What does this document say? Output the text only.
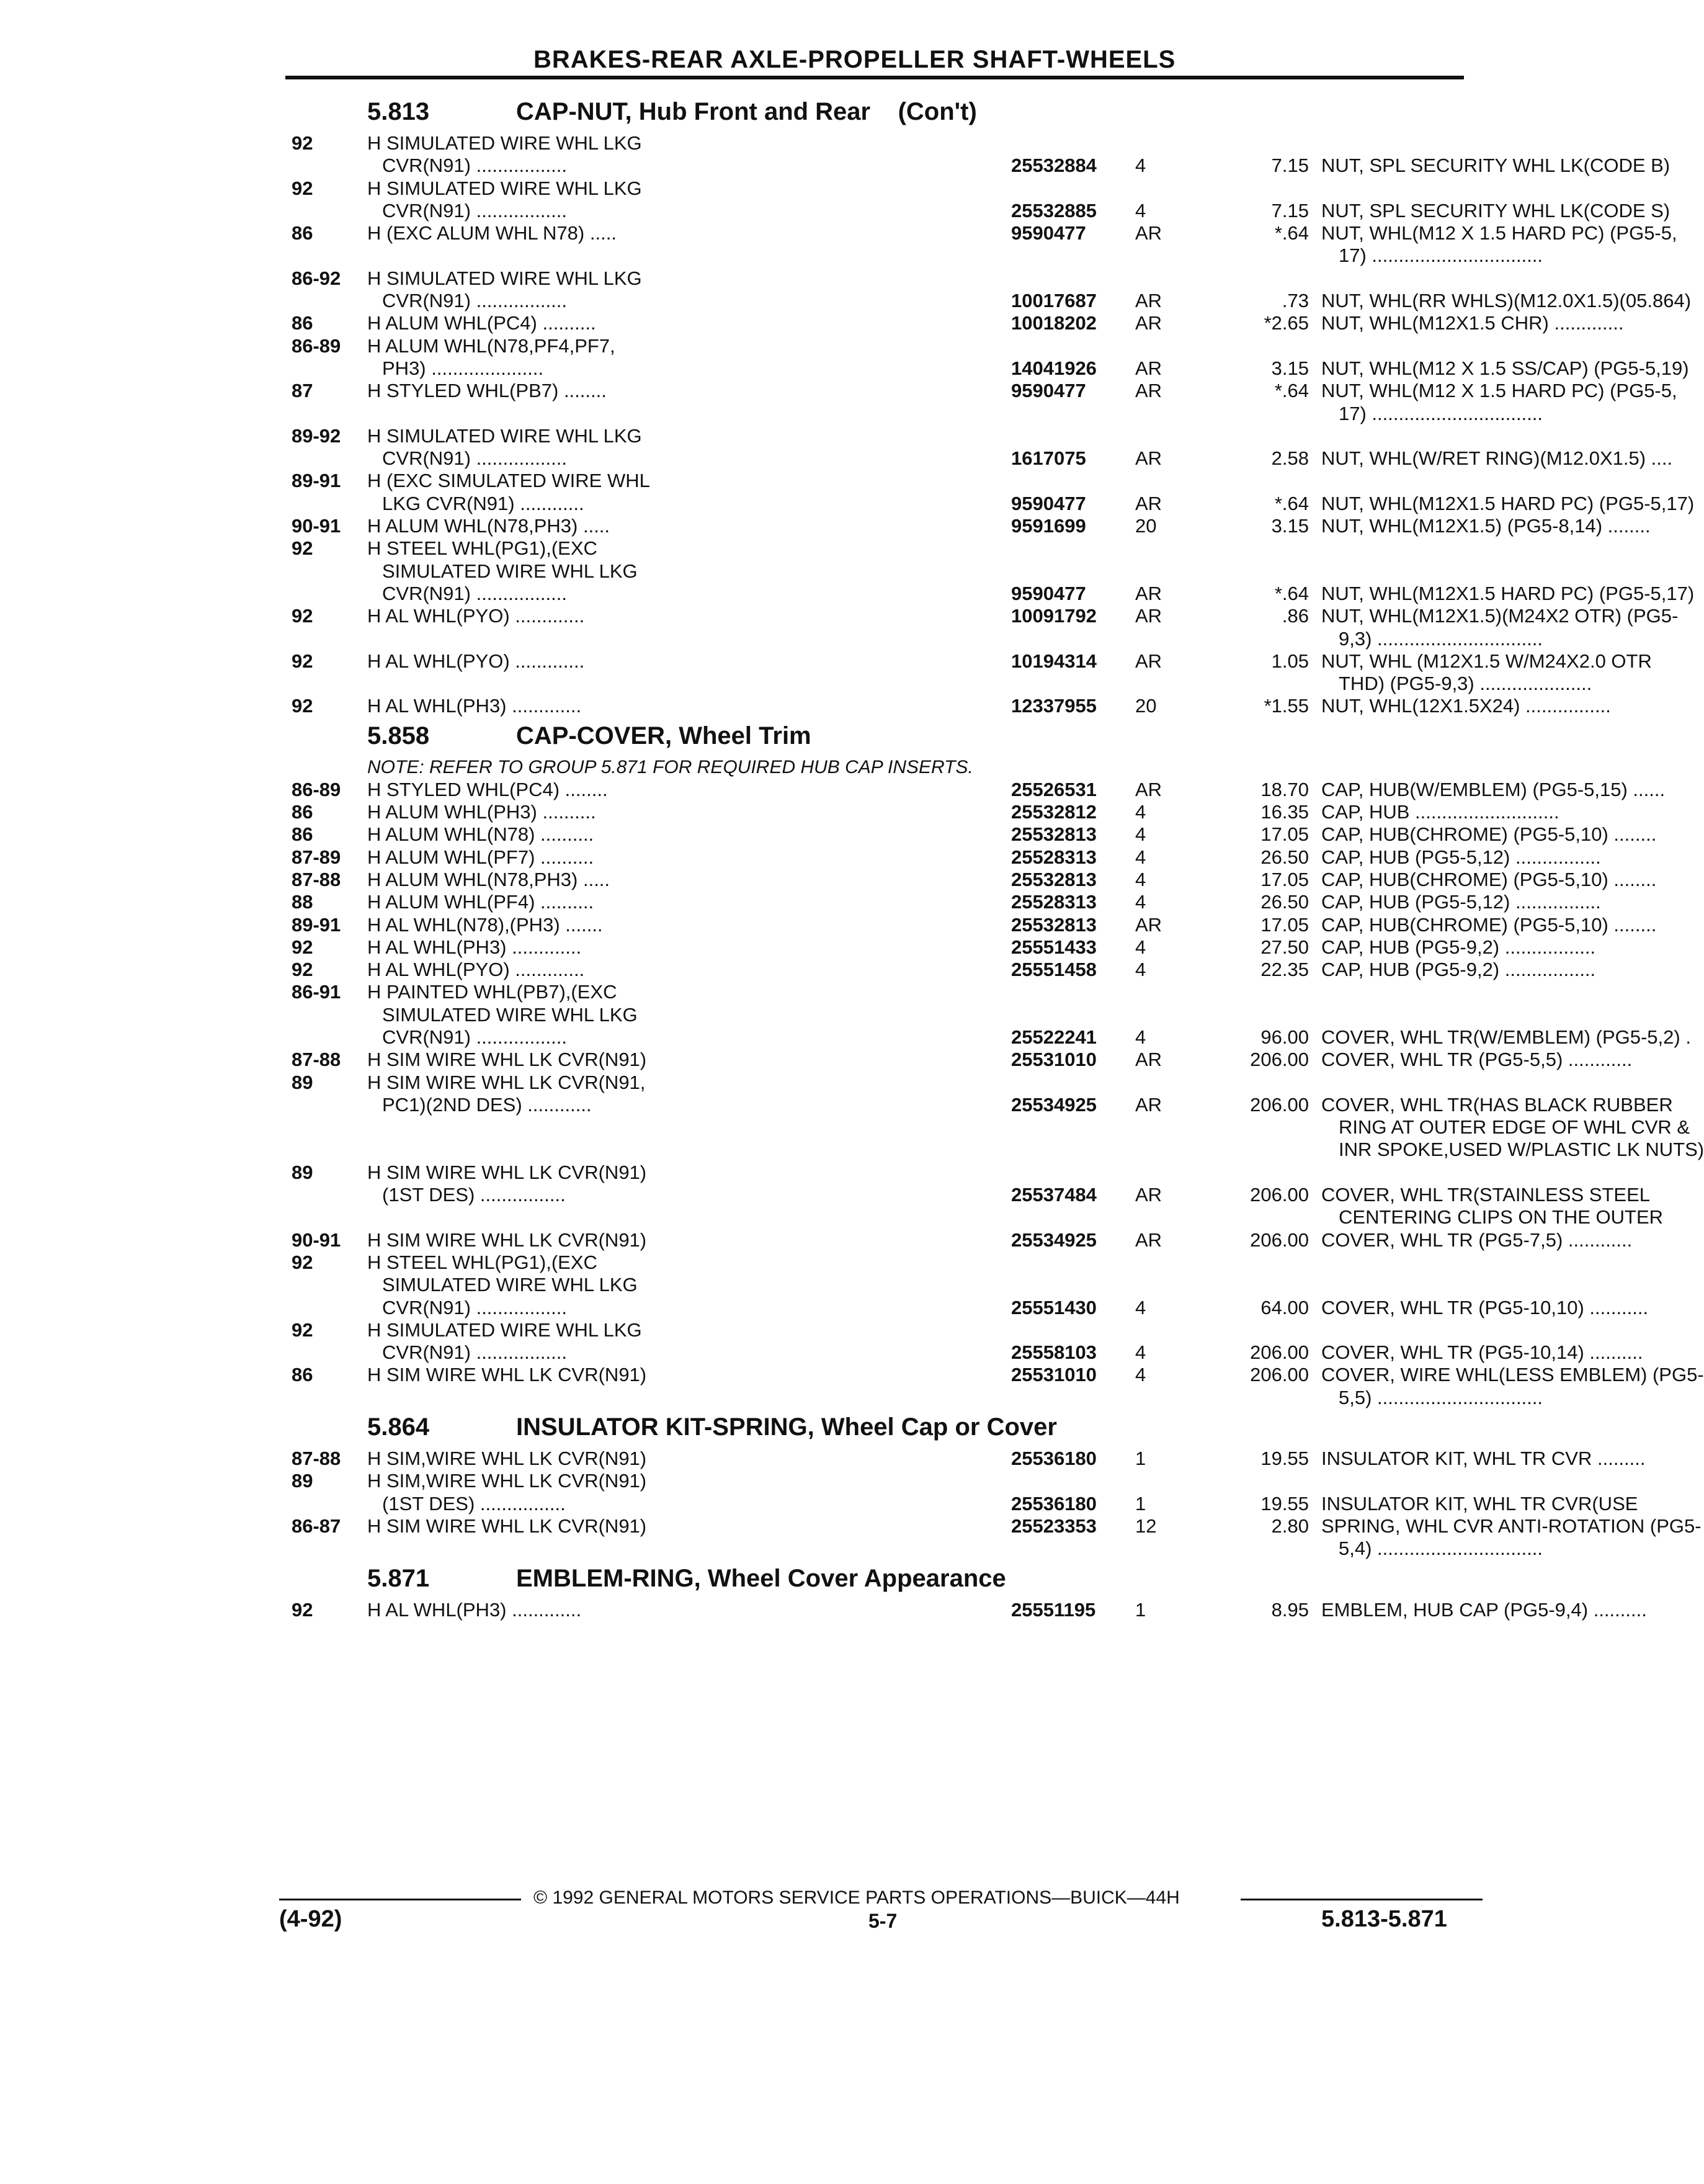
BRAKES-REAR AXLE-PROPELLER SHAFT-WHEELS
5.813	CAP-NUT, Hub Front and Rear    (Con't)
92	H SIMULATED WIRE WHL LKG
CVR(N91) .................	25532884 4	7.15 NUT, SPL SECURITY WHL LK(CODE B)
92	H SIMULATED WIRE WHL LKG
CVR(N91) .................	25532885 4	7.15 NUT, SPL SECURITY WHL LK(CODE S)
86	H (EXC ALUM WHL N78) .....	9590477	AR	*.64 NUT, WHL(M12 X 1.5 HARD PC) (PG5-5,
17) ................................
86-92 H SIMULATED WIRE WHL LKG
CVR(N91) .................	10017687 AR	.73 NUT, WHL(RR WHLS)(M12.0X1.5)(05.864)
86	H ALUM WHL(PC4) ..........	10018202 AR	*2.65 NUT, WHL(M12X1.5 CHR) .............
86-89 H ALUM WHL(N78,PF4,PF7,
PH3) .....................	14041926 AR	3.15 NUT, WHL(M12 X 1.5 SS/CAP) (PG5-5,19)
87	H STYLED WHL(PB7) ........	9590477	AR	*.64 NUT, WHL(M12 X 1.5 HARD PC) (PG5-5,
17) ................................
89-92 H SIMULATED WIRE WHL LKG
CVR(N91) .................	1617075	AR	2.58 NUT, WHL(W/RET RING)(M12.0X1.5) ....
89-91 H (EXC SIMULATED WIRE WHL
LKG CVR(N91) ............	9590477	AR	*.64 NUT, WHL(M12X1.5 HARD PC) (PG5-5,17)
90-91 H ALUM WHL(N78,PH3) .....	9591699	20	3.15 NUT, WHL(M12X1.5) (PG5-8,14) ........
92	H STEEL WHL(PG1),(EXC
SIMULATED WIRE WHL LKG
CVR(N91) .................	9590477	AR	*.64 NUT, WHL(M12X1.5 HARD PC) (PG5-5,17)
92	H AL WHL(PYO) .............	10091792 AR	.86 NUT, WHL(M12X1.5)(M24X2 OTR) (PG5-
9,3) ...............................
92	H AL WHL(PYO) .............	10194314 AR	1.05 NUT, WHL (M12X1.5 W/M24X2.0 OTR
THD) (PG5-9,3) .....................
92	H AL WHL(PH3) .............	12337955 20	*1.55 NUT, WHL(12X1.5X24) ................
5.858	CAP-COVER, Wheel Trim
NOTE: REFER TO GROUP 5.871 FOR REQUIRED HUB CAP INSERTS.
86-89 H STYLED WHL(PC4) ........	25526531 AR	18.70 CAP, HUB(W/EMBLEM) (PG5-5,15) ......
86	H ALUM WHL(PH3) ..........	25532812 4	16.35 CAP, HUB ...........................
86	H ALUM WHL(N78) ..........	25532813 4	17.05 CAP, HUB(CHROME) (PG5-5,10) ........
87-89 H ALUM WHL(PF7) ..........	25528313 4	26.50 CAP, HUB (PG5-5,12) ................
87-88 H ALUM WHL(N78,PH3) .....	25532813 4	17.05 CAP, HUB(CHROME) (PG5-5,10) ........
88	H ALUM WHL(PF4) ..........	25528313 4	26.50 CAP, HUB (PG5-5,12) ................
89-91 H AL WHL(N78),(PH3) .......	25532813 AR	17.05 CAP, HUB(CHROME) (PG5-5,10) ........
92	H AL WHL(PH3) .............	25551433 4	27.50 CAP, HUB (PG5-9,2) .................
92	H AL WHL(PYO) .............	25551458 4	22.35 CAP, HUB (PG5-9,2) .................
86-91 H PAINTED WHL(PB7),(EXC
SIMULATED WIRE WHL LKG
CVR(N91) .................	25522241 4	96.00 COVER, WHL TR(W/EMBLEM) (PG5-5,2) .
87-88 H SIM WIRE WHL LK CVR(N91)	25531010 AR	206.00 COVER, WHL TR (PG5-5,5) ............
89	H SIM WIRE WHL LK CVR(N91,
PC1)(2ND DES) ............	25534925 AR	206.00 COVER, WHL TR(HAS BLACK RUBBER
RING AT OUTER EDGE OF WHL CVR &
INR SPOKE,USED W/PLASTIC LK NUTS)
89	H SIM WIRE WHL LK CVR(N91)
(1ST DES) ................	25537484 AR	206.00 COVER, WHL TR(STAINLESS STEEL
CENTERING CLIPS ON THE OUTER
90-91 H SIM WIRE WHL LK CVR(N91)	25534925 AR	206.00 COVER, WHL TR (PG5-7,5) ............
92	H STEEL WHL(PG1),(EXC
SIMULATED WIRE WHL LKG
CVR(N91) .................	25551430 4	64.00 COVER, WHL TR (PG5-10,10) ...........
92	H SIMULATED WIRE WHL LKG
CVR(N91) .................	25558103 4	206.00 COVER, WHL TR (PG5-10,14) ..........
86	H SIM WIRE WHL LK CVR(N91)	25531010 4	206.00 COVER, WIRE WHL(LESS EMBLEM) (PG5-
5,5) ...............................
5.864	INSULATOR KIT-SPRING, Wheel Cap or Cover
87-88 H SIM,WIRE WHL LK CVR(N91)	25536180 1	19.55 INSULATOR KIT, WHL TR CVR .........
89	H SIM,WIRE WHL LK CVR(N91)
(1ST DES) ................	25536180 1	19.55 INSULATOR KIT, WHL TR CVR(USE
86-87 H SIM WIRE WHL LK CVR(N91)	25523353 12	2.80 SPRING, WHL CVR ANTI-ROTATION (PG5-
5,4) ...............................
5.871	EMBLEM-RING, Wheel Cover Appearance
92	H AL WHL(PH3) .............	25551195 1	8.95 EMBLEM, HUB CAP (PG5-9,4) ..........
© 1992 GENERAL MOTORS SERVICE PARTS OPERATIONS—BUICK—44H
(4-92)	5-7	5.813-5.871
